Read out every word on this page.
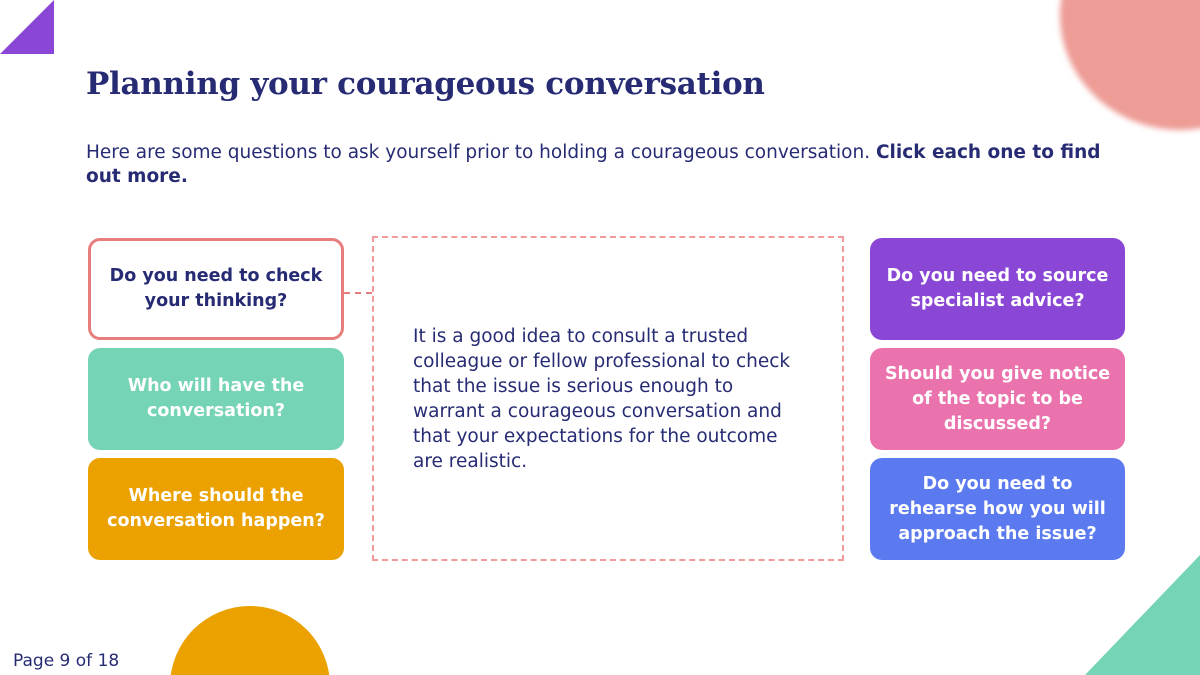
Planning your courageous conversation

Here are some questions to ask yourself prior to holding a courageous conversation. Click each one to find out more.

Do you need to check your thinking?
Who will have the conversation?
Where should the conversation happen?

It is a good idea to consult a trusted colleague or fellow professional to check that the issue is serious enough to warrant a courageous conversation and that your expectations for the outcome are realistic.

Do you need to source specialist advice?
Should you give notice of the topic to be discussed?
Do you need to rehearse how you will approach the issue?
Page 9 of 18
